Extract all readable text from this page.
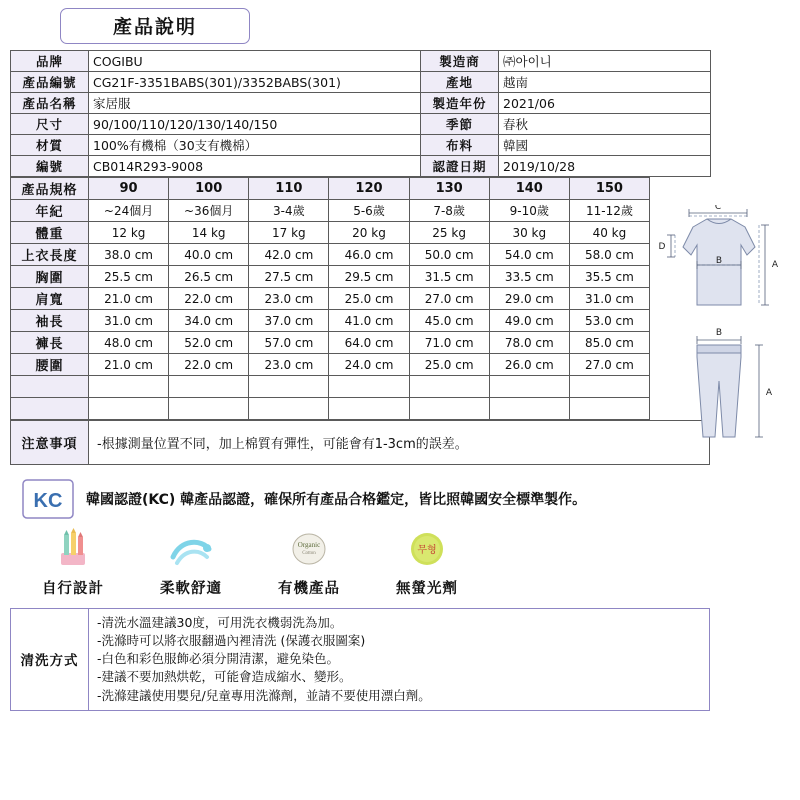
產品說明
品牌	COGIBU	製造商	㈜아이니
產品編號	CG21F-3351BABS(301)/3352BABS(301)	產地	越南
產品名稱	家居服	製造年份	2021/06
尺寸	90/100/110/120/130/140/150	季節	春秋
材質	100%有機棉（30支有機棉）	布料	韓國
編號	CB014R293-9008	認證日期	2019/10/28
產品規格	90	100	110	120	130	140	150
年紀	~24個月	~36個月	3-4歲	5-6歲	7-8歲	9-10歲	11-12歲
體重	12 kg	14 kg	17 kg	20 kg	25 kg	30 kg	40 kg
上衣長度	38.0 cm	40.0 cm	42.0 cm	46.0 cm	50.0 cm	54.0 cm	58.0 cm
胸圍	25.5 cm	26.5 cm	27.5 cm	29.5 cm	31.5 cm	33.5 cm	35.5 cm
肩寬	21.0 cm	22.0 cm	23.0 cm	25.0 cm	27.0 cm	29.0 cm	31.0 cm
袖長	31.0 cm	34.0 cm	37.0 cm	41.0 cm	45.0 cm	49.0 cm	53.0 cm
褲長	48.0 cm	52.0 cm	57.0 cm	64.0 cm	71.0 cm	78.0 cm	85.0 cm
腰圍	21.0 cm	22.0 cm	23.0 cm	24.0 cm	25.0 cm	26.0 cm	27.0 cm

C
B	A
D
B
A
注意事項	-根據測量位置不同，加上棉質有彈性，可能會有1-3cm的誤差。
KC 韓國認證(KC) 韓產品認證，確保所有產品合格鑑定，皆比照韓國安全標準製作。
自行設計	柔軟舒適
Organic
Cotton
有機產品
무형
無螢光劑
清洗方式	
-清洗水溫建議30度，可用洗衣機弱洗為加。
-洗滌時可以將衣服翻過內裡清洗 (保護衣服圖案)
-白色和彩色服飾必須分開清潔，避免染色。
-建議不要加熱烘乾，可能會造成縮水、變形。
-洗滌建議使用嬰兒/兒童專用洗滌劑，並請不要使用漂白劑。
